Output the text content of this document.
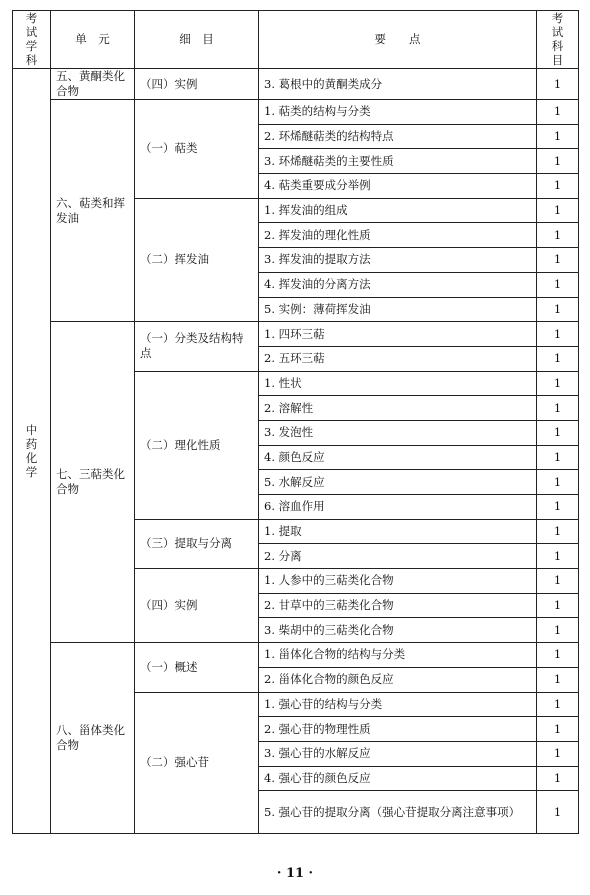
考试学科	单　元	细　目	要　　点	考试科目
中药化学	五、黄酮类化合物	（四）实例	3. 葛根中的黄酮类成分	1
	六、萜类和挥发油	（一）萜类	1. 萜类的结构与分类	1
			2. 环烯醚萜类的结构特点	1
			3. 环烯醚萜类的主要性质	1
			4. 萜类重要成分举例	1
		（二）挥发油	1. 挥发油的组成	1
			2. 挥发油的理化性质	1
			3. 挥发油的提取方法	1
			4. 挥发油的分离方法	1
			5. 实例：薄荷挥发油	1
	七、三萜类化合物	（一）分类及结构特点	1. 四环三萜	1
			2. 五环三萜	1
		（二）理化性质	1. 性状	1
			2. 溶解性	1
			3. 发泡性	1
			4. 颜色反应	1
			5. 水解反应	1
			6. 溶血作用	1
		（三）提取与分离	1. 提取	1
			2. 分离	1
		（四）实例	1. 人参中的三萜类化合物	1
			2. 甘草中的三萜类化合物	1
			3. 柴胡中的三萜类化合物	1
	八、甾体类化合物	（一）概述	1. 甾体化合物的结构与分类	1
			2. 甾体化合物的颜色反应	1
		（二）强心苷	1. 强心苷的结构与分类	1
			2. 强心苷的物理性质	1
			3. 强心苷的水解反应	1
			4. 强心苷的颜色反应	1
			5. 强心苷的提取分离（强心苷提取分离注意事项）	1
· 11 ·
